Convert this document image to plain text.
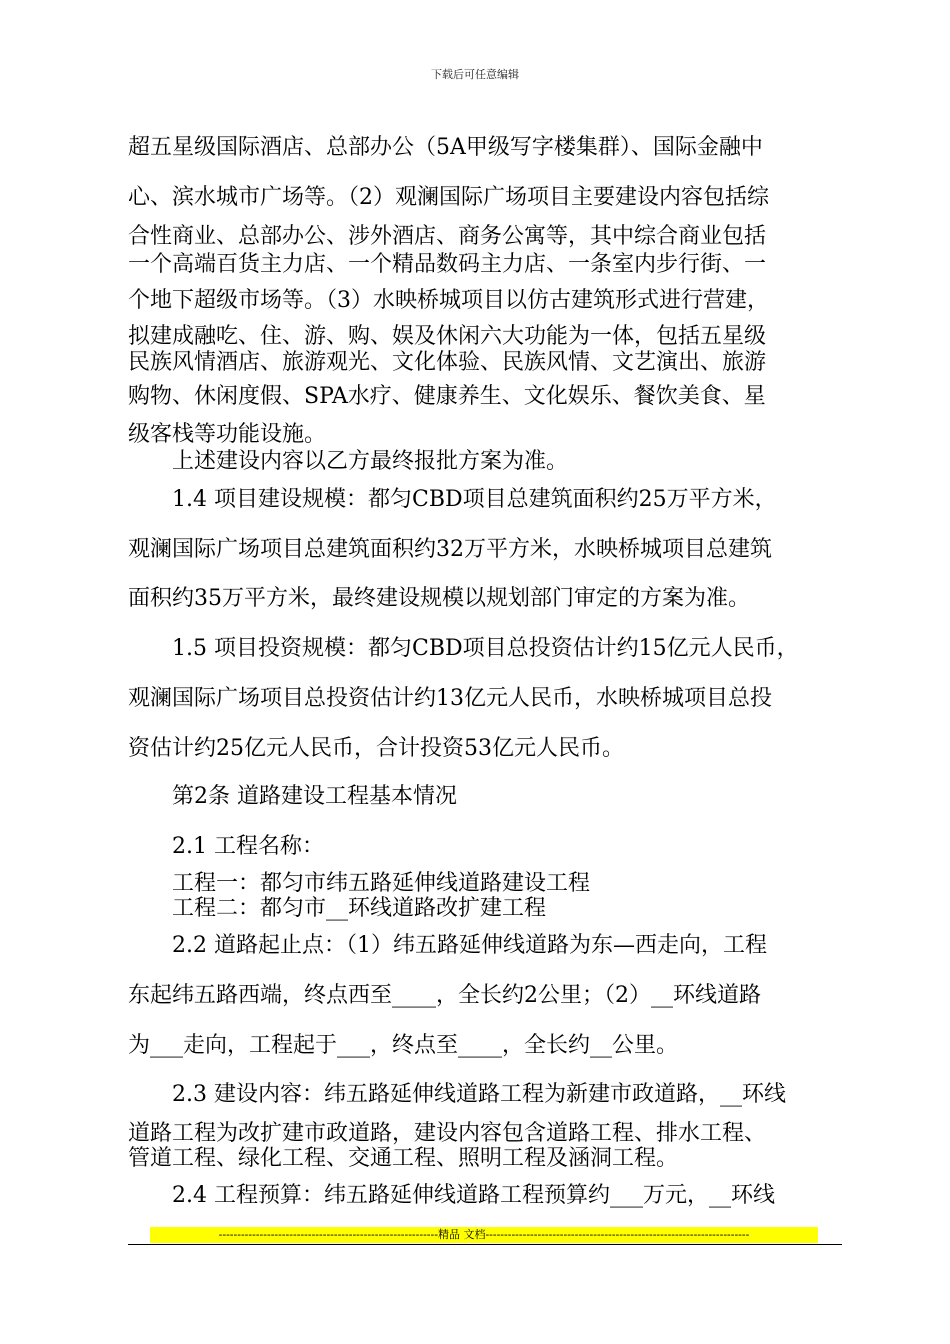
下载后可任意编辑
超五星级国际酒店、总部办公（5A甲级写字楼集群）、国际金融中
心、滨水城市广场等。（2）观澜国际广场项目主要建设内容包括综
合性商业、总部办公、涉外酒店、商务公寓等，其中综合商业包括
一个高端百货主力店、一个精品数码主力店、一条室内步行街、一
个地下超级市场等。（3）水映桥城项目以仿古建筑形式进行营建，
拟建成融吃、住、游、购、娱及休闲六大功能为一体，包括五星级
民族风情酒店、旅游观光、文化体验、民族风情、文艺演出、旅游
购物、休闲度假、SPA水疗、健康养生、文化娱乐、餐饮美食、星
级客栈等功能设施。
上述建设内容以乙方最终报批方案为准。
1.4 项目建设规模：都匀CBD项目总建筑面积约25万平方米，
观澜国际广场项目总建筑面积约32万平方米，水映桥城项目总建筑
面积约35万平方米，最终建设规模以规划部门审定的方案为准。
1.5 项目投资规模：都匀CBD项目总投资估计约15亿元人民币，
观澜国际广场项目总投资估计约13亿元人民币，水映桥城项目总投
资估计约25亿元人民币，合计投资53亿元人民币。
第2条 道路建设工程基本情况
2.1 工程名称：
工程一：都匀市纬五路延伸线道路建设工程
工程二：都匀市__环线道路改扩建工程
2.2 道路起止点：（1）纬五路延伸线道路为东—西走向，工程
东起纬五路西端，终点西至____，全长约2公里；（2）__环线道路
为___走向，工程起于___，终点至____，全长约__公里。
2.3 建设内容：纬五路延伸线道路工程为新建市政道路，__环线
道路工程为改扩建市政道路，建设内容包含道路工程、排水工程、
管道工程、绿化工程、交通工程、照明工程及涵洞工程。
2.4 工程预算：纬五路延伸线道路工程预算约___万元，__环线
-----------------------------------------------------------精品 文档-----------------------------------------------------------------------
